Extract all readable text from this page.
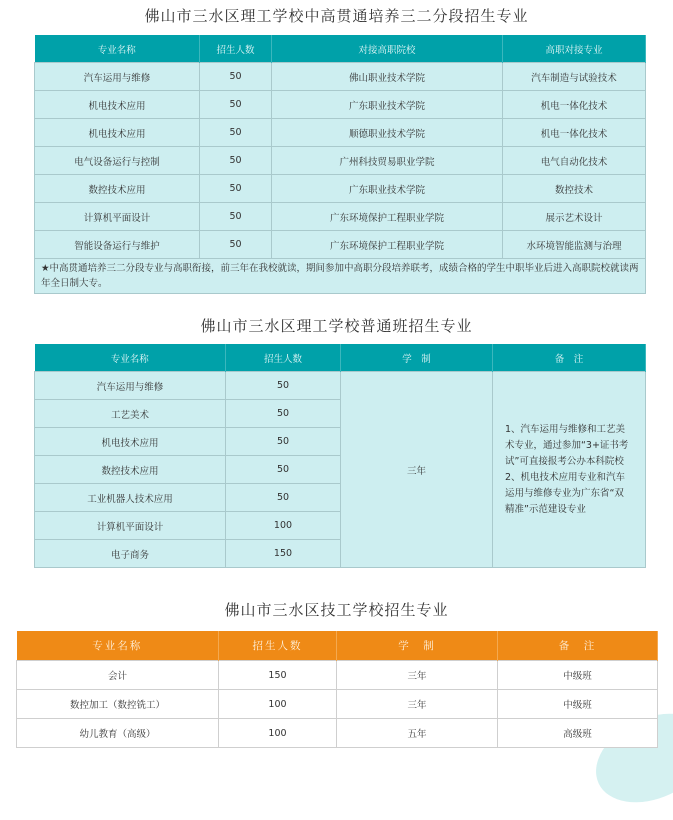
佛山市三水区理工学校中高贯通培养三二分段招生专业
专业名称	招生人数	对接高职院校	高职对接专业
汽车运用与维修	50	佛山职业技术学院	汽车制造与试验技术
机电技术应用	50	广东职业技术学院	机电一体化技术
机电技术应用	50	顺德职业技术学院	机电一体化技术
电气设备运行与控制	50	广州科技贸易职业学院	电气自动化技术
数控技术应用	50	广东职业技术学院	数控技术
计算机平面设计	50	广东环境保护工程职业学院	展示艺术设计
智能设备运行与维护	50	广东环境保护工程职业学院	水环境智能监测与治理
★中高贯通培养三二分段专业与高职衔接，前三年在我校就读，期间参加中高职分段培养联考，成绩合格的学生中职毕业后进入高职院校就读两年全日制大专。			
佛山市三水区理工学校普通班招生专业
专业名称	招生人数	学　制	备　注
汽车运用与维修	50	三年	1、汽车运用与维修和工艺美术专业，通过参加“3+证书考试”可直接报考公办本科院校
2、机电技术应用专业和汽车运用与维修专业为广东省“双精准”示范建设专业

工艺美术	50		
机电技术应用	50		
数控技术应用	50		
工业机器人技术应用	50		
计算机平面设计	100		
电子商务	150		
佛山市三水区技工学校招生专业
专业名称	招生人数	学　制	备　注
会计	150	三年	中级班
数控加工（数控铣工）	100	三年	中级班
幼儿教育（高级）	100	五年	高级班
